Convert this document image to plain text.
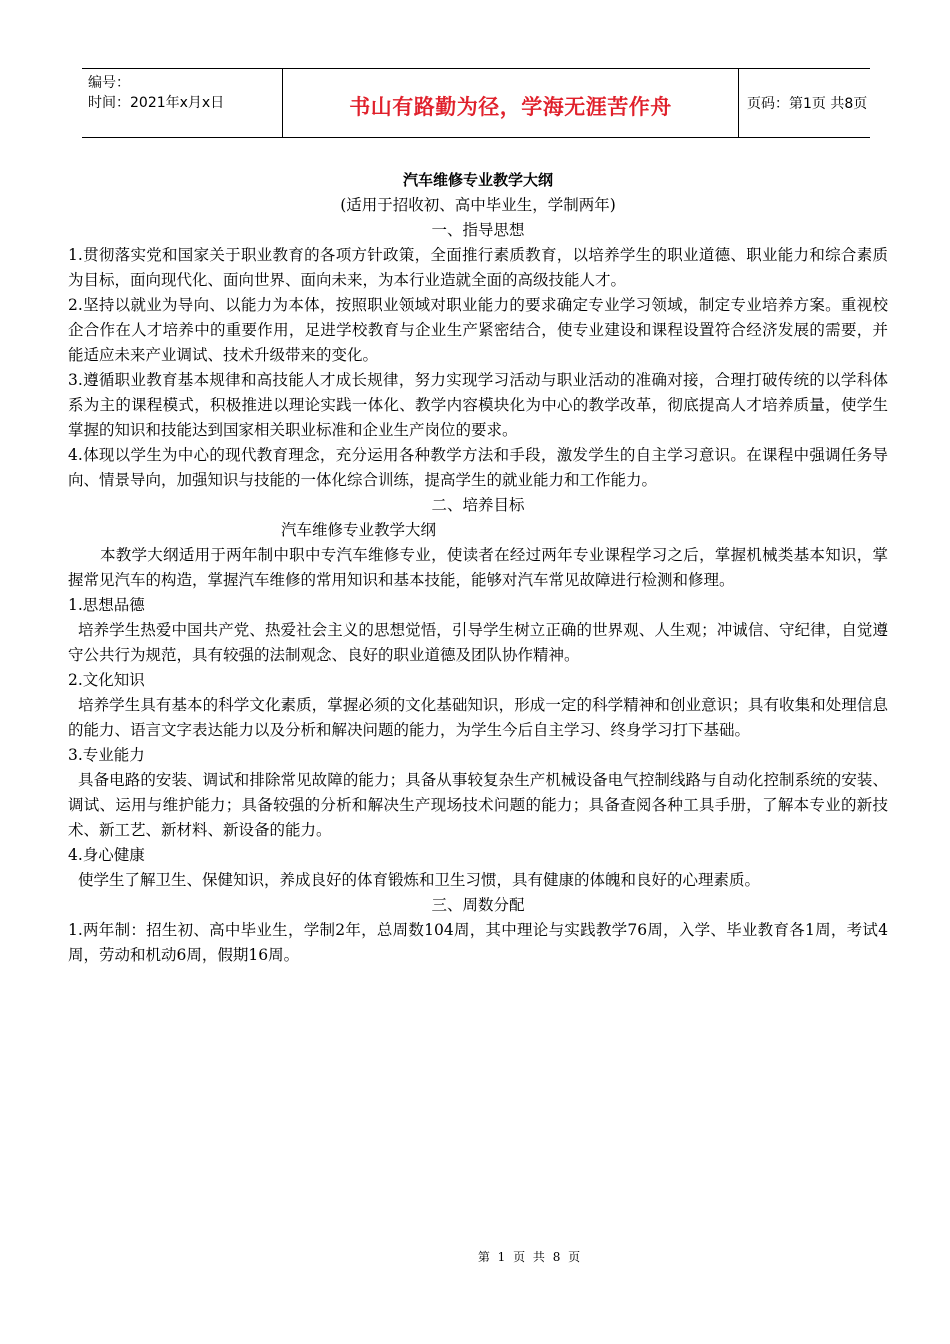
编号：
时间：2021年x月x日	书山有路勤为径，学海无涯苦作舟	页码：第1页 共8页

汽车维修专业教学大纲

(适用于招收初、高中毕业生，学制两年)

一、指导思想

1.贯彻落实党和国家关于职业教育的各项方针政策，全面推行素质教育，以培养学生的职业道德、职业能力和综合素质为目标，面向现代化、面向世界、面向未来，为本行业造就全面的高级技能人才。

2.坚持以就业为导向、以能力为本体，按照职业领域对职业能力的要求确定专业学习领域，制定专业培养方案。重视校企合作在人才培养中的重要作用，足进学校教育与企业生产紧密结合，使专业建设和课程设置符合经济发展的需要，并能适应未来产业调试、技术升级带来的变化。

3.遵循职业教育基本规律和高技能人才成长规律，努力实现学习活动与职业活动的准确对接，合理打破传统的以学科体系为主的课程模式，积极推进以理论实践一体化、教学内容模块化为中心的教学改革，彻底提高人才培养质量，使学生掌握的知识和技能达到国家相关职业标准和企业生产岗位的要求。

4.体现以学生为中心的现代教育理念，充分运用各种教学方法和手段，激发学生的自主学习意识。在课程中强调任务导向、情景导向，加强知识与技能的一体化综合训练，提高学生的就业能力和工作能力。

二、培养目标

汽车维修专业教学大纲

本教学大纲适用于两年制中职中专汽车维修专业，使读者在经过两年专业课程学习之后，掌握机械类基本知识，掌握常见汽车的构造，掌握汽车维修的常用知识和基本技能，能够对汽车常见故障进行检测和修理。

1.思想品德

培养学生热爱中国共产党、热爱社会主义的思想觉悟，引导学生树立正确的世界观、人生观；冲诚信、守纪律，自觉遵守公共行为规范，具有较强的法制观念、良好的职业道德及团队协作精神。

2.文化知识

培养学生具有基本的科学文化素质，掌握必须的文化基础知识，形成一定的科学精神和创业意识；具有收集和处理信息的能力、语言文字表达能力以及分析和解决问题的能力，为学生今后自主学习、终身学习打下基础。

3.专业能力

具备电路的安装、调试和排除常见故障的能力；具备从事较复杂生产机械设备电气控制线路与自动化控制系统的安装、调试、运用与维护能力；具备较强的分析和解决生产现场技术问题的能力；具备查阅各种工具手册，了解本专业的新技术、新工艺、新材料、新设备的能力。

4.身心健康

使学生了解卫生、保健知识，养成良好的体育锻炼和卫生习惯，具有健康的体魄和良好的心理素质。

三、周数分配

1.两年制：招生初、高中毕业生，学制2年，总周数104周，其中理论与实践教学76周，入学、毕业教育各1周，考试4周，劳动和机动6周，假期16周。

第 1 页 共 8 页
